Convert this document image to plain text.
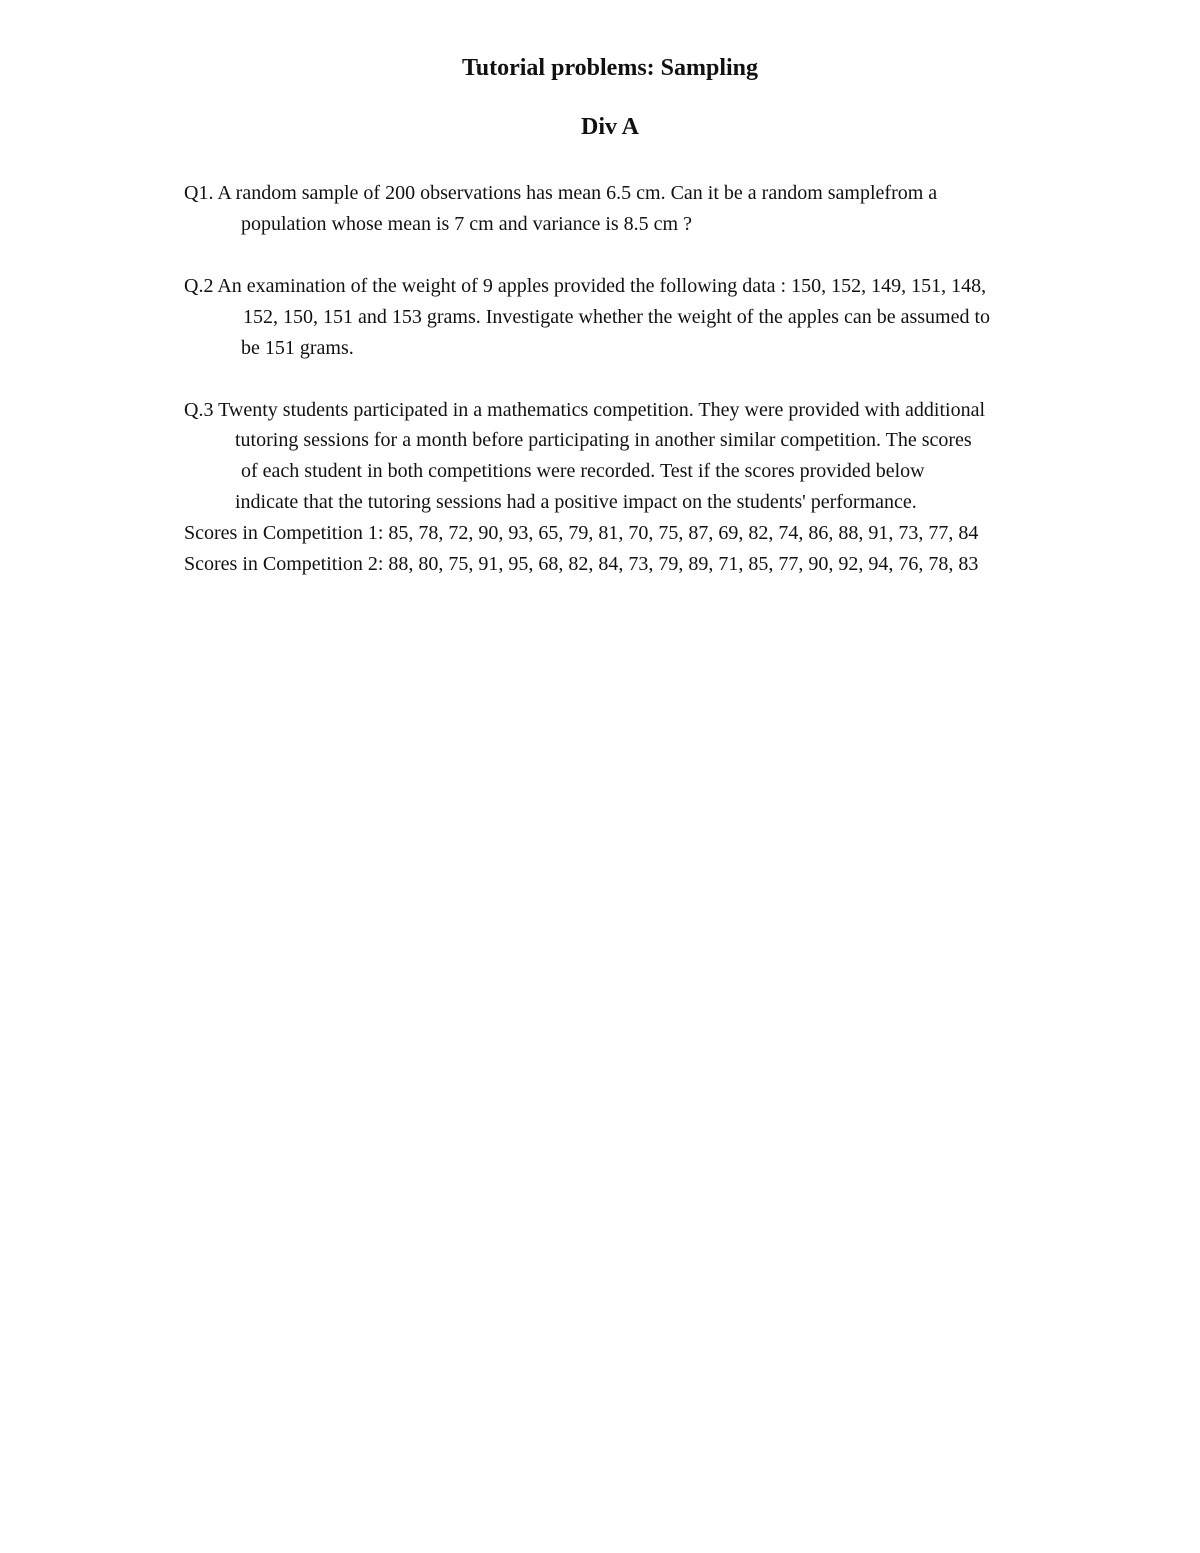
Tutorial problems: Sampling
Div A
Q1. A random sample of 200 observations has mean 6.5 cm. Can it be a random samplefrom a
population whose mean is 7 cm and variance is 8.5 cm ?
Q.2 An examination of the weight of 9 apples provided the following data : 150, 152, 149, 151, 148,
152, 150, 151 and 153 grams. Investigate whether the weight of the apples can be assumed to
be 151 grams.
Q.3 Twenty students participated in a mathematics competition. They were provided with additional
tutoring sessions for a month before participating in another similar competition. The scores
of each student in both competitions were recorded. Test if the scores provided below
indicate that the tutoring sessions had a positive impact on the students' performance.
Scores in Competition 1: 85, 78, 72, 90, 93, 65, 79, 81, 70, 75, 87, 69, 82, 74, 86, 88, 91, 73, 77, 84
Scores in Competition 2: 88, 80, 75, 91, 95, 68, 82, 84, 73, 79, 89, 71, 85, 77, 90, 92, 94, 76, 78, 83
